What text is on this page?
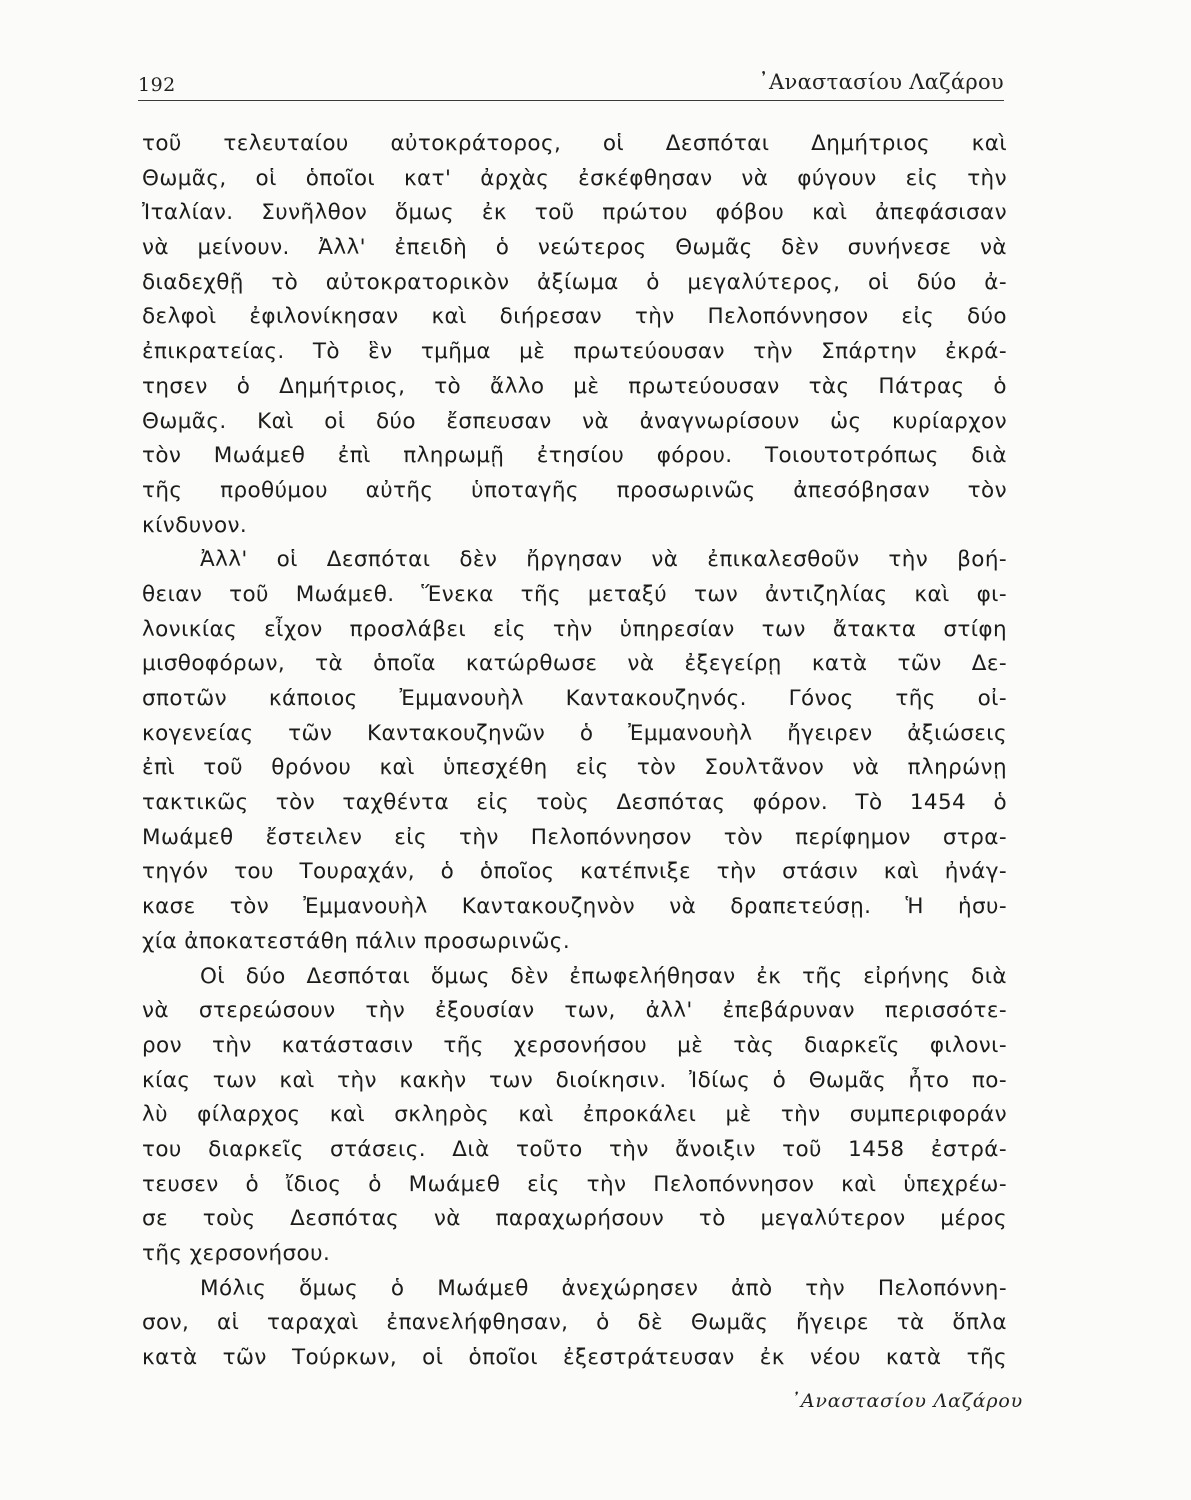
192	᾿Αναστασίου Λαζάρου
τοῦ τελευταίου αὐτοκράτορος, οἱ Δεσπόται Δημήτριος καὶ
Θωμᾶς, οἱ ὁποῖοι κατ' ἀρχὰς ἐσκέφθησαν νὰ φύγουν εἰς τὴν
Ἰταλίαν. Συνῆλθον ὅμως ἐκ τοῦ πρώτου φόβου καὶ ἀπεφάσισαν
νὰ μείνουν. Ἀλλ' ἐπειδὴ ὁ νεώτερος Θωμᾶς δὲν συνήνεσε νὰ
διαδεχθῇ τὸ αὐτοκρατορικὸν ἀξίωμα ὁ μεγαλύτερος, οἱ δύο ἀ-
δελφοὶ ἐφιλονίκησαν καὶ διήρεσαν τὴν Πελοπόννησον εἰς δύο
ἐπικρατείας. Τὸ ἓν τμῆμα μὲ πρωτεύουσαν τὴν Σπάρτην ἐκρά-
τησεν ὁ Δημήτριος, τὸ ἄλλο μὲ πρωτεύουσαν τὰς Πάτρας ὁ
Θωμᾶς. Καὶ οἱ δύο ἔσπευσαν νὰ ἀναγνωρίσουν ὡς κυρίαρχον
τὸν Μωάμεθ ἐπὶ πληρωμῇ ἐτησίου φόρου. Τοιουτοτρόπως διὰ
τῆς προθύμου αὐτῆς ὑποταγῆς προσωρινῶς ἀπεσόβησαν τὸν
κίνδυνον.
Ἀλλ' οἱ Δεσπόται δὲν ἤργησαν νὰ ἐπικαλεσθοῦν τὴν βοή-
θειαν τοῦ Μωάμεθ. Ἕνεκα τῆς μεταξύ των ἀντιζηλίας καὶ φι-
λονικίας εἶχον προσλάβει εἰς τὴν ὑπηρεσίαν των ἄτακτα στίφη
μισθοφόρων, τὰ ὁποῖα κατώρθωσε νὰ ἐξεγείρῃ κατὰ τῶν Δε-
σποτῶν κάποιος Ἐμμανουὴλ Καντακουζηνός. Γόνος τῆς οἰ-
κογενείας τῶν Καντακουζηνῶν ὁ Ἐμμανουὴλ ἤγειρεν ἀξιώσεις
ἐπὶ τοῦ θρόνου καὶ ὑπεσχέθη εἰς τὸν Σουλτᾶνον νὰ πληρώνῃ
τακτικῶς τὸν ταχθέντα εἰς τοὺς Δεσπότας φόρον. Τὸ 1454 ὁ
Μωάμεθ ἔστειλεν εἰς τὴν Πελοπόννησον τὸν περίφημον στρα-
τηγόν του Τουραχάν, ὁ ὁποῖος κατέπνιξε τὴν στάσιν καὶ ἠνάγ-
κασε τὸν Ἐμμανουὴλ Καντακουζηνὸν νὰ δραπετεύσῃ. Ἡ ἡσυ-
χία ἀποκατεστάθη πάλιν προσωρινῶς.
Οἱ δύο Δεσπόται ὅμως δὲν ἐπωφελήθησαν ἐκ τῆς εἰρήνης διὰ
νὰ στερεώσουν τὴν ἐξουσίαν των, ἀλλ' ἐπεβάρυναν περισσότε-
ρον τὴν κατάστασιν τῆς χερσονήσου μὲ τὰς διαρκεῖς φιλονι-
κίας των καὶ τὴν κακὴν των διοίκησιν. Ἰδίως ὁ Θωμᾶς ἦτο πο-
λὺ φίλαρχος καὶ σκληρὸς καὶ ἐπροκάλει μὲ τὴν συμπεριφοράν
του διαρκεῖς στάσεις. Διὰ τοῦτο τὴν ἄνοιξιν τοῦ 1458 ἐστρά-
τευσεν ὁ ἴδιος ὁ Μωάμεθ εἰς τὴν Πελοπόννησον καὶ ὑπεχρέω-
σε τοὺς Δεσπότας νὰ παραχωρήσουν τὸ μεγαλύτερον μέρος
τῆς χερσονήσου.
Μόλις ὅμως ὁ Μωάμεθ ἀνεχώρησεν ἀπὸ τὴν Πελοπόννη-
σον, αἱ ταραχαὶ ἐπανελήφθησαν, ὁ δὲ Θωμᾶς ἤγειρε τὰ ὅπλα
κατὰ τῶν Τούρκων, οἱ ὁποῖοι ἐξεστράτευσαν ἐκ νέου κατὰ τῆς
᾿Αναστασίου Λαζάρου
